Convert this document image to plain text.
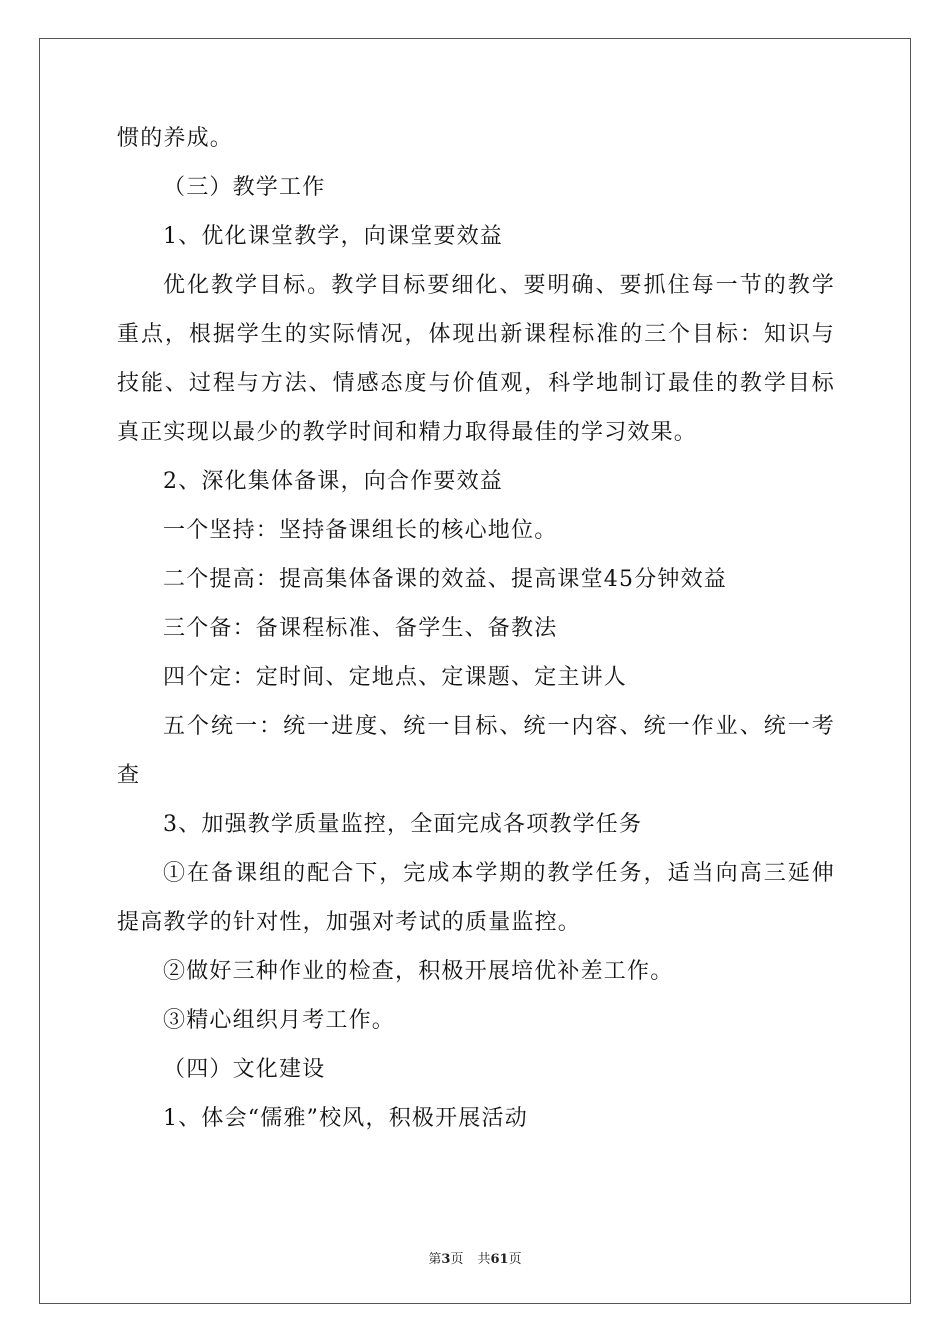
惯的养成。
（三）教学工作
1、优化课堂教学，向课堂要效益
优化教学目标。教学目标要细化、要明确、要抓住每一节的教学
重点，根据学生的实际情况，体现出新课程标准的三个目标：知识与
技能、过程与方法、情感态度与价值观，科学地制订最佳的教学目标
真正实现以最少的教学时间和精力取得最佳的学习效果。
2、深化集体备课，向合作要效益
一个坚持：坚持备课组长的核心地位。
二个提高：提高集体备课的效益、提高课堂45分钟效益
三个备：备课程标准、备学生、备教法
四个定：定时间、定地点、定课题、定主讲人
五个统一：统一进度、统一目标、统一内容、统一作业、统一考
查
3、加强教学质量监控，全面完成各项教学任务
①在备课组的配合下，完成本学期的教学任务，适当向高三延伸
提高教学的针对性，加强对考试的质量监控。
②做好三种作业的检查，积极开展培优补差工作。
③精心组织月考工作。
（四）文化建设
1、体会“儒雅”校风，积极开展活动
第3页 共61页
